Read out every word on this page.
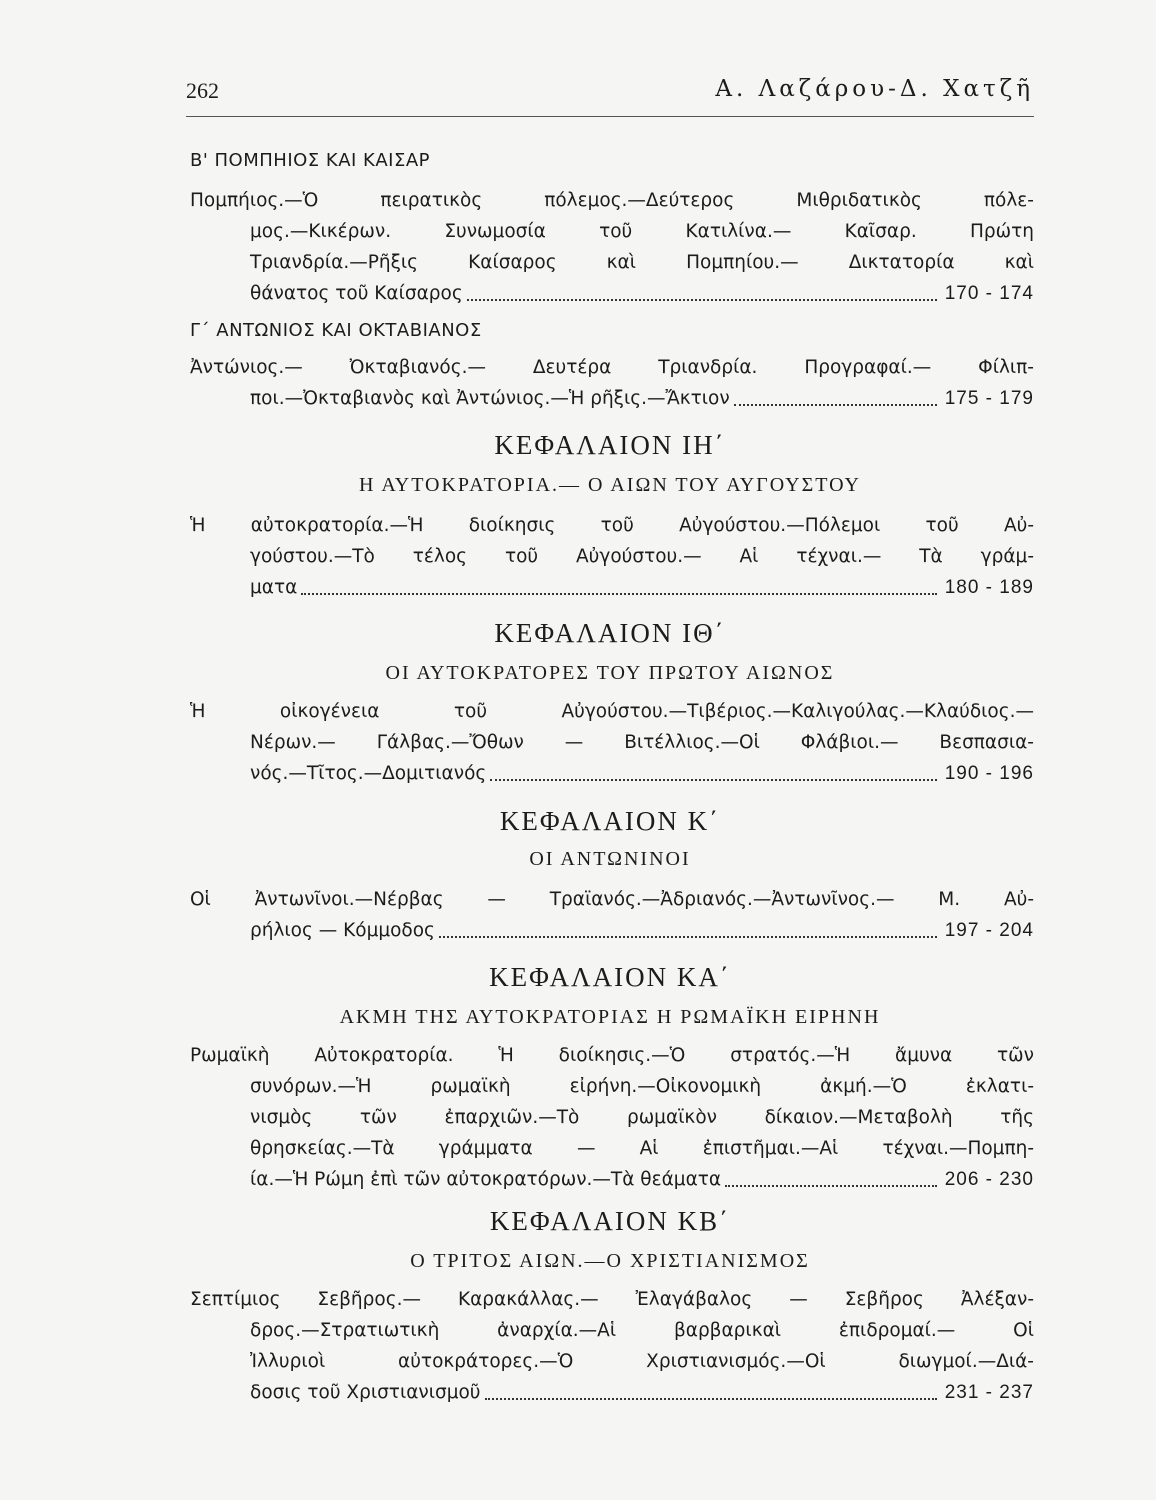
262	Α. Λαζάρου-Δ. Χατζῆ
Β' ΠΟΜΠΗΙΟΣ ΚΑΙ ΚΑΙΣΑΡ
Πομπήιος.—Ὁ πειρατικὸς πόλεμος.—Δεύτερος Μιθριδατικὸς πόλε-
μος.—Κικέρων. Συνωμοσία τοῦ Κατιλίνα.— Καῖσαρ. Πρώτη
Τριανδρία.—Ρῆξις Καίσαρος καὶ Πομπηίου.— Δικτατορία καὶ
θάνατος τοῦ Καίσαρος	170 - 174
Γ΄ ΑΝΤΩΝΙΟΣ ΚΑΙ ΟΚΤΑΒΙΑΝΟΣ
Ἀντώνιος.— Ὀκταβιανός.— Δευτέρα Τριανδρία. Προγραφαί.— Φίλιπ-
ποι.—Ὀκταβιανὸς καὶ Ἀντώνιος.—Ἡ ρῆξις.—Ἄκτιον	175 - 179
ΚΕΦΑΛΑΙΟΝ ΙΗ΄
Η ΑΥΤΟΚΡΑΤΟΡΙΑ.— Ο ΑΙΩΝ ΤΟΥ ΑΥΓΟΥΣΤΟΥ
Ἡ αὐτοκρατορία.—Ἡ διοίκησις τοῦ Αὐγούστου.—Πόλεμοι τοῦ Αὐ-
γούστου.—Τὸ τέλος τοῦ Αὐγούστου.— Αἱ τέχναι.— Τὰ γράμ-
ματα	180 - 189
ΚΕΦΑΛΑΙΟΝ ΙΘ΄
ΟΙ ΑΥΤΟΚΡΑΤΟΡΕΣ ΤΟΥ ΠΡΩΤΟΥ ΑΙΩΝΟΣ
Ἡ οἰκογένεια τοῦ Αὐγούστου.—Τιβέριος.—Καλιγούλας.—Κλαύδιος.—
Νέρων.— Γάλβας.—Ὄθων — Βιτέλλιος.—Οἱ Φλάβιοι.— Βεσπασια-
νός.—Τῖτος.—Δομιτιανός	190 - 196
ΚΕΦΑΛΑΙΟΝ Κ΄
ΟΙ ΑΝΤΩΝΙΝΟΙ
Οἱ Ἀντωνῖνοι.—Νέρβας — Τραϊανός.—Ἀδριανός.—Ἀντωνῖνος.— Μ. Αὐ-
ρήλιος — Κόμμοδος	197 - 204
ΚΕΦΑΛΑΙΟΝ ΚΑ΄
ΑΚΜΗ ΤΗΣ ΑΥΤΟΚΡΑΤΟΡΙΑΣ Η ΡΩΜΑΪΚΗ ΕΙΡΗΝΗ
Ρωμαϊκὴ Αὐτοκρατορία. Ἡ διοίκησις.—Ὁ στρατός.—Ἡ ἄμυνα τῶν
συνόρων.—Ἡ ρωμαϊκὴ εἰρήνη.—Οἰκονομικὴ ἀκμή.—Ὁ ἐκλατι-
νισμὸς τῶν ἐπαρχιῶν.—Τὸ ρωμαϊκὸν δίκαιον.—Μεταβολὴ τῆς
θρησκείας.—Τὰ γράμματα — Αἱ ἐπιστῆμαι.—Αἱ τέχναι.—Πομπη-
ία.—Ἡ Ρώμη ἐπὶ τῶν αὐτοκρατόρων.—Τὰ θεάματα	206 - 230
ΚΕΦΑΛΑΙΟΝ ΚΒ΄
Ο ΤΡΙΤΟΣ ΑΙΩΝ.—Ο ΧΡΙΣΤΙΑΝΙΣΜΟΣ
Σεπτίμιος Σεβῆρος.— Καρακάλλας.— Ἐλαγάβαλος — Σεβῆρος Ἀλέξαν-
δρος.—Στρατιωτικὴ ἀναρχία.—Αἱ βαρβαρικαὶ ἐπιδρομαί.— Οἱ
Ἰλλυριοὶ αὐτοκράτορες.—Ὁ Χριστιανισμός.—Οἱ διωγμοί.—Διά-
δοσις τοῦ Χριστιανισμοῦ	231 - 237
